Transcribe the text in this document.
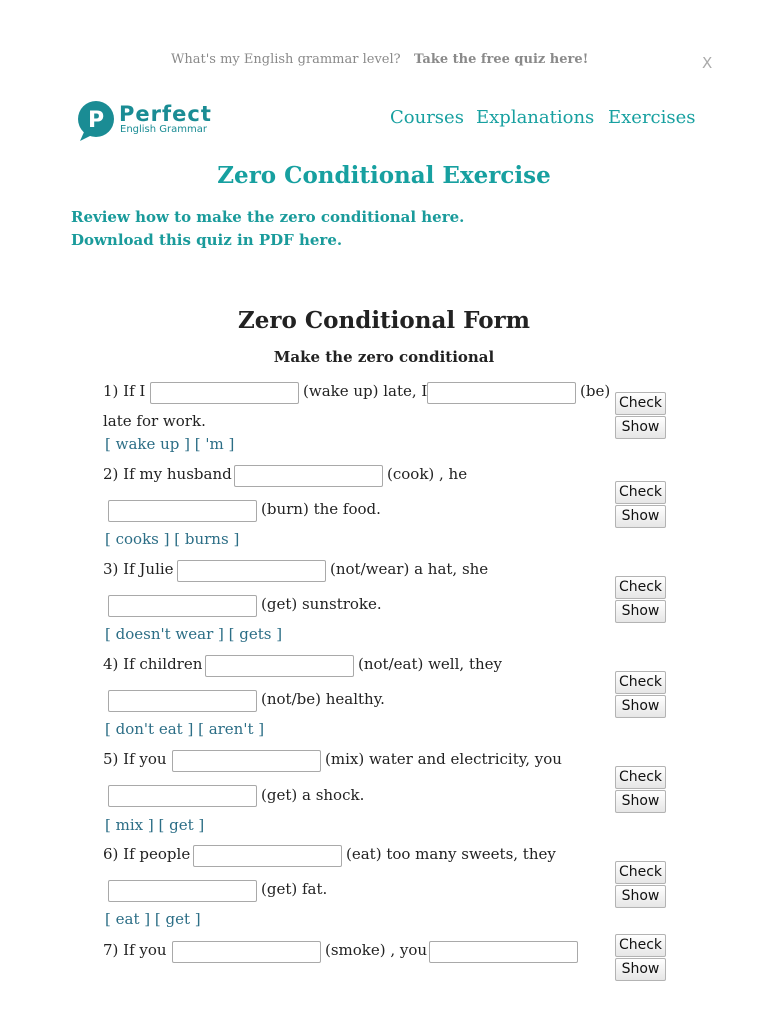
What's my English grammar level? Take the free quiz here!	X
P Perfect
English Grammar
Courses Explanations Exercises
Zero Conditional Exercise
Review how to make the zero conditional here.
Download this quiz in PDF here.
Zero Conditional Form
Make the zero conditional
1) If I	(wake up) late, I	(be)
late for work.
[ wake up ] [ 'm ]
Check
Show
2) If my husband	(cook) , he
(burn) the food.
[ cooks ] [ burns ]
Check
Show
3) If Julie	(not/wear) a hat, she
(get) sunstroke.
[ doesn't wear ] [ gets ]
Check
Show
4) If children	(not/eat) well, they
(not/be) healthy.
[ don't eat ] [ aren't ]
Check
Show
5) If you	(mix) water and electricity, you
(get) a shock.
[ mix ] [ get ]
Check
Show
6) If people	(eat) too many sweets, they
(get) fat.
[ eat ] [ get ]
Check
Show
7) If you	(smoke) , you	Check
Show
